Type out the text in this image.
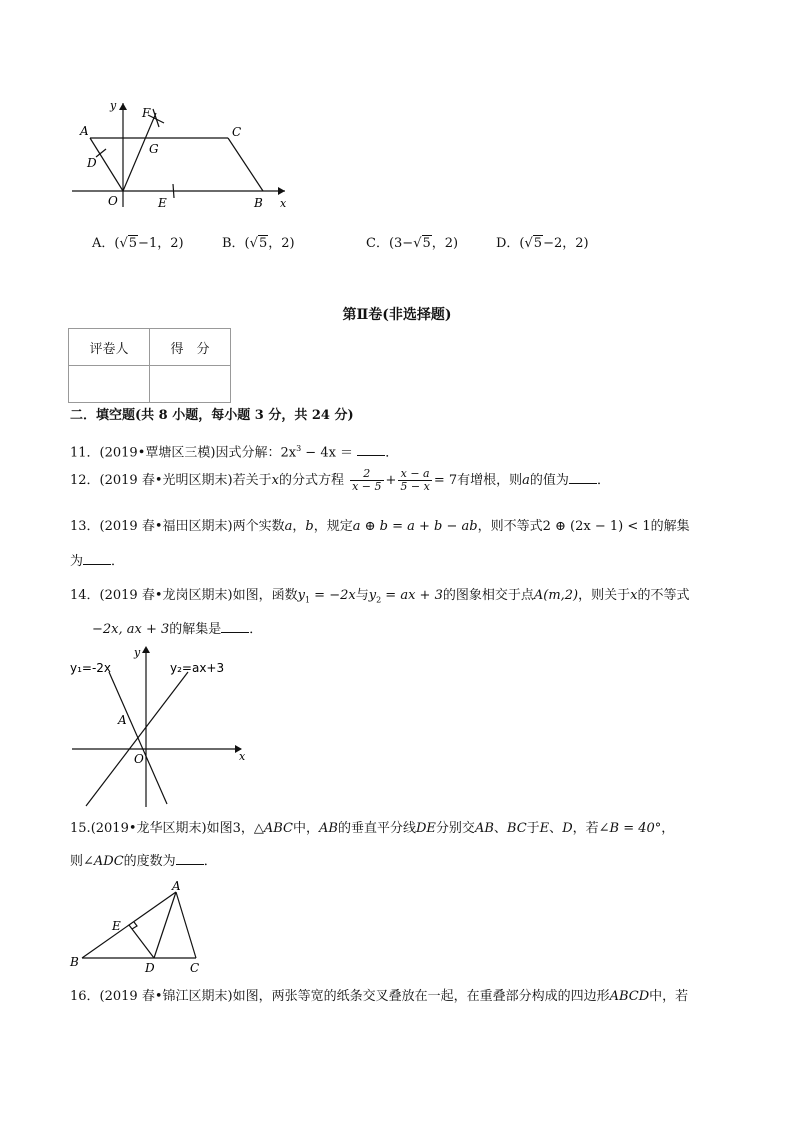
y
x
A	C
F
G
D
O	E	B
A．(√5−1，2)	B．(√5，2)	C．(3−√5，2)	D．(√5−2，2)
第Ⅱ卷(非选择题)
评卷人	得　分

二．填空题(共 8 小题，每小题 3 分，共 24 分)
11．(2019•覃塘区三模)因式分解：$2x^3 - 4x$ ＝ ．
12．(2019 春•光明区期末)若关于x的分式方程 $\frac{2}{x - 5} + \frac{x - a}{5 - x} = 7$有增根，则a的值为 ．
13．(2019 春•福田区期末)两个实数a，b，规定a ⊕ b = a + b − ab，则不等式2 ⊕ (2x − 1) < 1的解集
为 ．
14．(2019 春•龙岗区期末)如图，函数$y_1 = -2x$与$y_2$ = ax + 3的图象相交于点A(m,2)，则关于x的不等式
−2x, ax + 3的解集是 ．
y₁=-2x	y₂=ax+3
y
x
A
O
15.(2019•龙华区期末)如图3，△ABC中，AB的垂直平分线DE分别交AB、BC于E、D，若∠B = 40°，
则∠ADC的度数为 ．
A
E
B	D	C
16．(2019 春•锦江区期末)如图，两张等宽的纸条交叉叠放在一起，在重叠部分构成的四边形ABCD中，若
